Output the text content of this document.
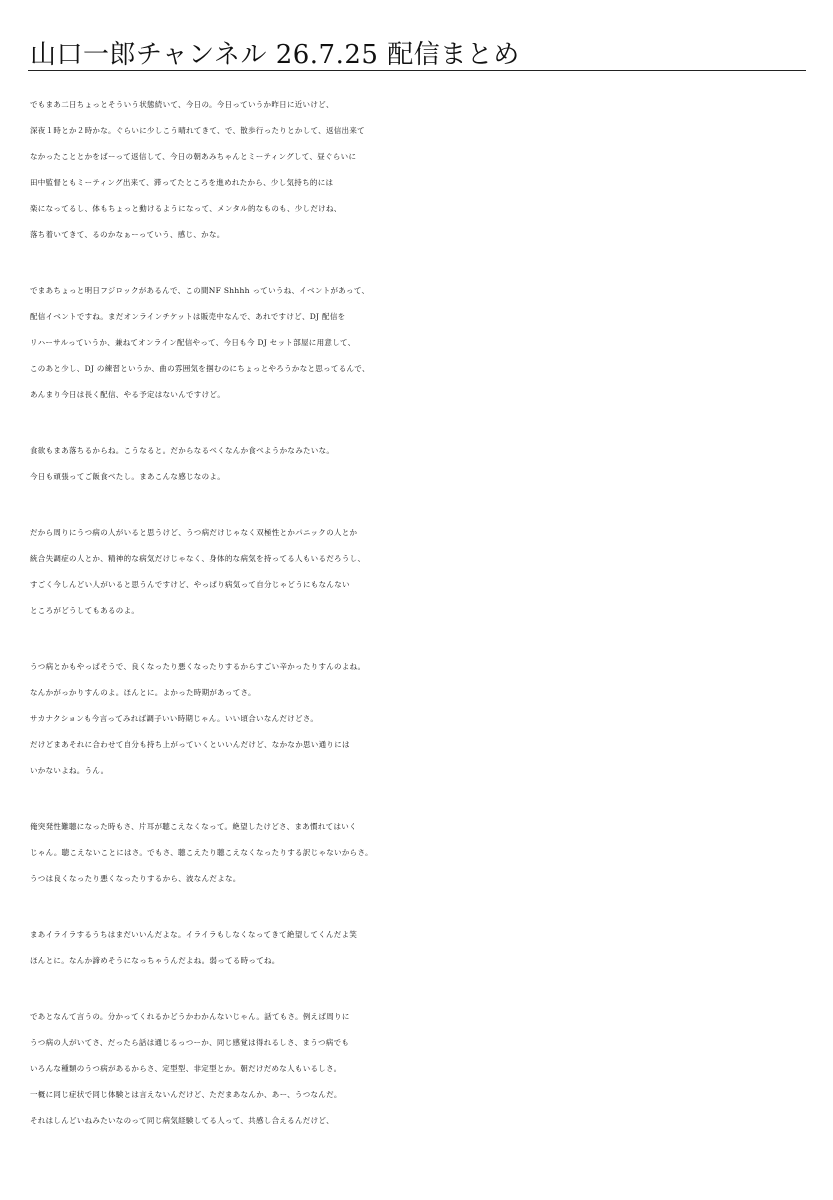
山口一郎チャンネル 26.7.25 配信まとめ
でもまあ二日ちょっとそういう状態続いて、今日の。今日っていうか昨日に近いけど、
深夜１時とか２時かな。ぐらいに少しこう晴れてきて、で、散歩行ったりとかして、返信出来て
なかったこととかをばーって返信して、今日の朝あみちゃんとミーティングして、昼ぐらいに
田中監督ともミーティング出来て、滞ってたところを進めれたから、少し気持ち的には
楽になってるし、体もちょっと動けるようになって、メンタル的なものも、少しだけね、
落ち着いてきて、るのかなぁーっていう、感じ、かな。
でまあちょっと明日フジロックがあるんで、この間NF Shhhh っていうね、イベントがあって、
配信イベントですね。まだオンラインチケットは販売中なんで、あれですけど、DJ 配信を
リハーサルっていうか、兼ねてオンライン配信やって、今日も今 DJ セット部屋に用意して、
このあと少し、DJ の練習というか、曲の雰囲気を掴むのにちょっとやろうかなと思ってるんで、
あんまり今日は長く配信、やる予定はないんですけど。
食欲もまあ落ちるからね。こうなると。だからなるべくなんか食べようかなみたいな。
今日も頑張ってご飯食べたし。まあこんな感じなのよ。
だから周りにうつ病の人がいると思うけど、うつ病だけじゃなく双極性とかパニックの人とか
統合失調症の人とか、精神的な病気だけじゃなく、身体的な病気を持ってる人もいるだろうし、
すごく今しんどい人がいると思うんですけど、やっぱり病気って自分じゃどうにもなんない
ところがどうしてもあるのよ。
うつ病とかもやっぱそうで、良くなったり悪くなったりするからすごい辛かったりすんのよね。
なんかがっかりすんのよ。ほんとに。よかった時期があってさ。
サカナクションも今言ってみれば調子いい時期じゃん。いい頃合いなんだけどさ。
だけどまあそれに合わせて自分も持ち上がっていくといいんだけど、なかなか思い通りには
いかないよね。うん。
俺突発性難聴になった時もさ、片耳が聴こえなくなって。絶望したけどさ、まあ慣れてはいく
じゃん。聴こえないことにはさ。でもさ、聴こえたり聴こえなくなったりする訳じゃないからさ。
うつは良くなったり悪くなったりするから、波なんだよな。
まあイライラするうちはまだいいんだよな。イライラもしなくなってきて絶望してくんだよ笑
ほんとに。なんか諦めそうになっちゃうんだよね。弱ってる時ってね。
であとなんて言うの。分かってくれるかどうかわかんないじゃん。話てもさ。例えば周りに
うつ病の人がいてさ、だったら話は通じるっつーか、同じ感覚は得れるしさ、まうつ病でも
いろんな種類のうつ病があるからさ、定型型、非定型とか。朝だけだめな人もいるしさ。
一概に同じ症状で同じ体験とは言えないんだけど、ただまあなんか、あー、うつなんだ。
それはしんどいねみたいなのって同じ病気経験してる人って、共感し合えるんだけど、
